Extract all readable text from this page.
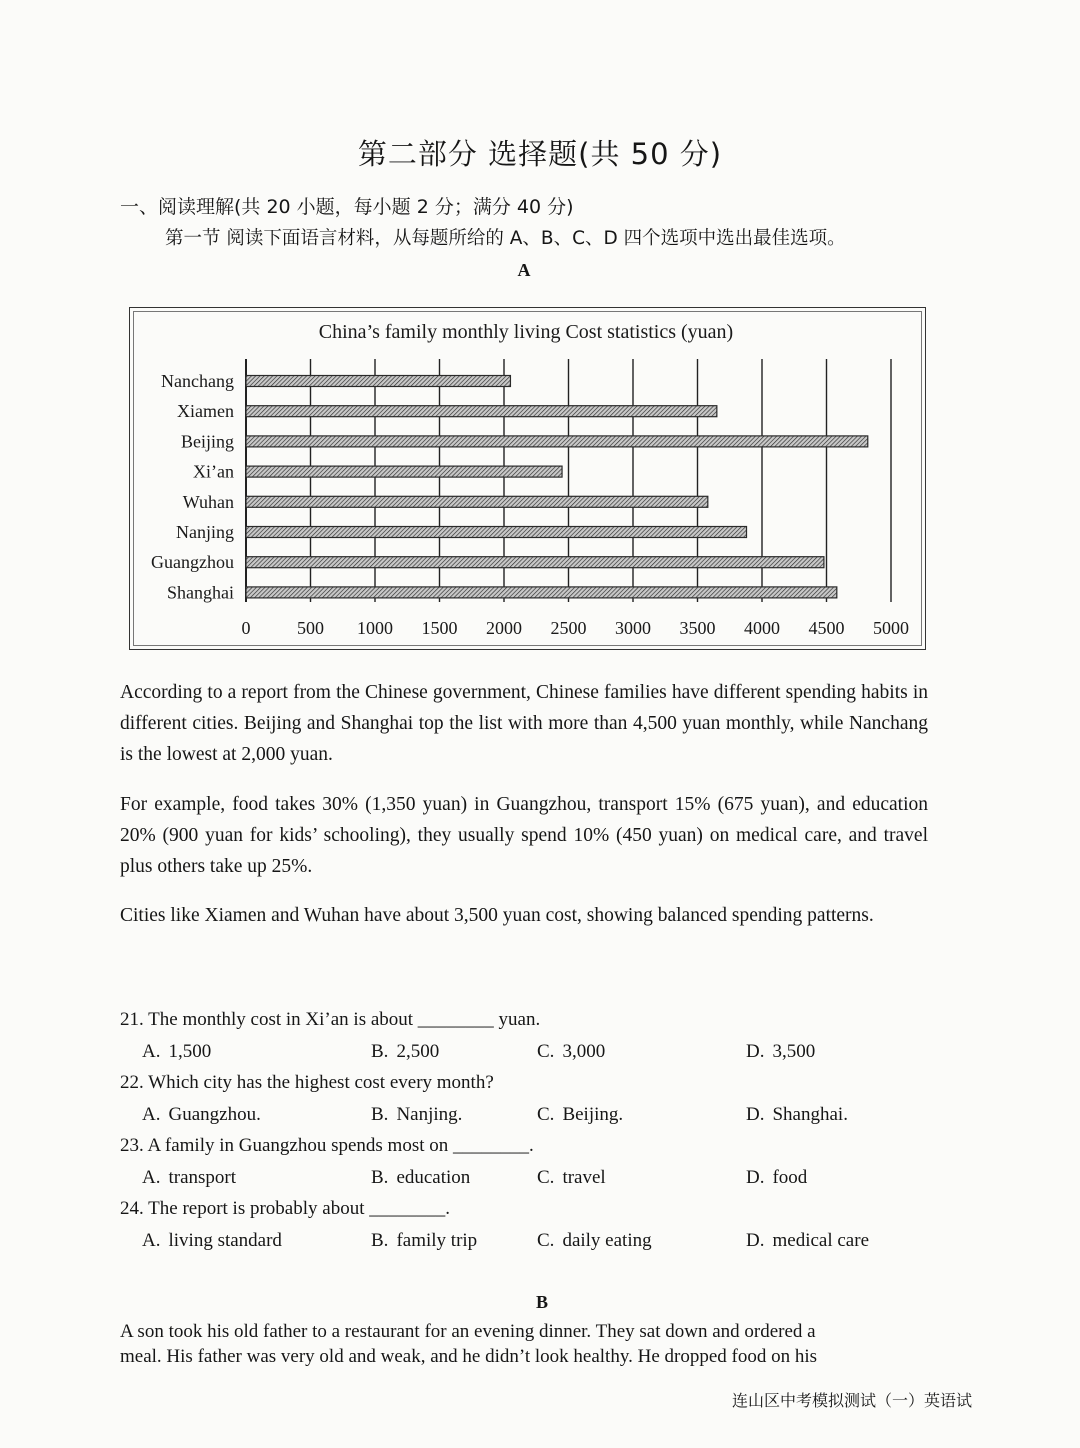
第二部分 选择题(共 50 分)
一、阅读理解(共 20 小题，每小题 2 分；满分 40 分)
第一节 阅读下面语言材料，从每题所给的 A、B、C、D 四个选项中选出最佳选项。
A
China’s family monthly living Cost statistics (yuan)
0	500 1000 1500 2000 2500 3000 3500 4000 4500 5000
Nanchang
Xiamen
Beijing
Xi’an
Wuhan
Nanjing
Guangzhou
Shanghai
According to a report from the Chinese government, Chinese families have different spending habits in different cities. Beijing and Shanghai top the list with more than 4,500 yuan monthly, while Nanchang is the lowest at 2,000 yuan.
For example, food takes 30% (1,350 yuan) in Guangzhou, transport 15% (675 yuan), and education 20% (900 yuan for kids’ schooling), they usually spend 10% (450 yuan) on medical care, and travel plus others take up 25%.
Cities like Xiamen and Wuhan have about 3,500 yuan cost, showing balanced spending patterns.
21. The monthly cost in Xi’an is about ________ yuan.
A. 1,500	B. 2,500	C. 3,000	D. 3,500
22. Which city has the highest cost every month?
A. Guangzhou.	B. Nanjing.	C. Beijing.	D. Shanghai.
23. A family in Guangzhou spends most on ________.
A. transport	B. education	C. travel	D. food
24. The report is probably about ________.
A. living standard	B. family trip	C. daily eating	D. medical care
B
A son took his old father to a restaurant for an evening dinner. They sat down and ordered a
meal. His father was very old and weak, and he didn’t look healthy. He dropped food on his
连山区中考模拟测试（一）英语试
